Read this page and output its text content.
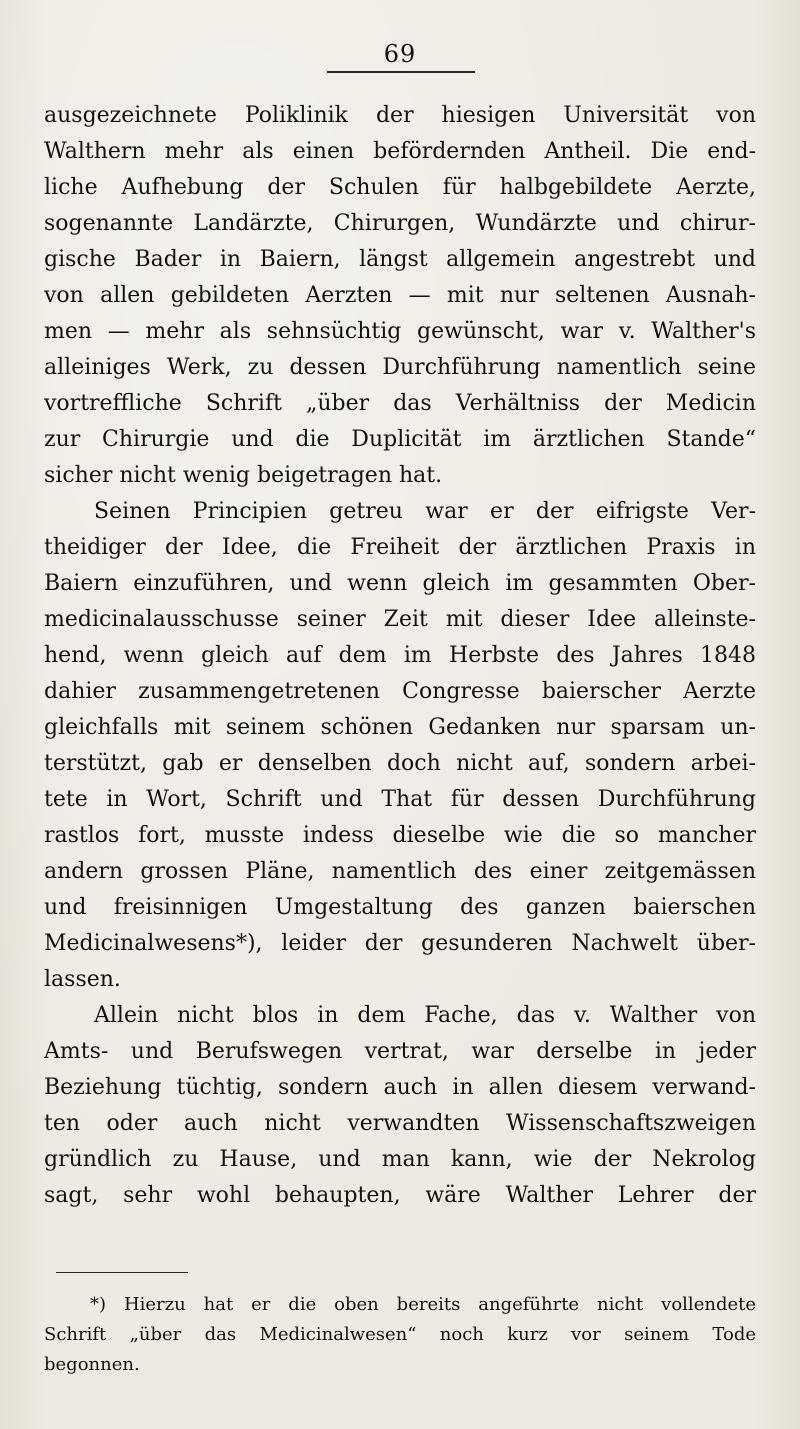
69
ausgezeichnete Poliklinik der hiesigen Universität von
Walthern mehr als einen befördernden Antheil. Die end-
liche Aufhebung der Schulen für halbgebildete Aerzte,
sogenannte Landärzte, Chirurgen, Wundärzte und chirur-
gische Bader in Baiern, längst allgemein angestrebt und
von allen gebildeten Aerzten — mit nur seltenen Ausnah-
men — mehr als sehnsüchtig gewünscht, war v. Walther's
alleiniges Werk, zu dessen Durchführung namentlich seine
vortreffliche Schrift „über das Verhältniss der Medicin
zur Chirurgie und die Duplicität im ärztlichen Stande“
sicher nicht wenig beigetragen hat.
Seinen Principien getreu war er der eifrigste Ver-
theidiger der Idee, die Freiheit der ärztlichen Praxis in
Baiern einzuführen, und wenn gleich im gesammten Ober-
medicinalausschusse seiner Zeit mit dieser Idee alleinste-
hend, wenn gleich auf dem im Herbste des Jahres 1848
dahier zusammengetretenen Congresse baierscher Aerzte
gleichfalls mit seinem schönen Gedanken nur sparsam un-
terstützt, gab er denselben doch nicht auf, sondern arbei-
tete in Wort, Schrift und That für dessen Durchführung
rastlos fort, musste indess dieselbe wie die so mancher
andern grossen Pläne, namentlich des einer zeitgemässen
und freisinnigen Umgestaltung des ganzen baierschen
Medicinalwesens*), leider der gesunderen Nachwelt über-
lassen.
Allein nicht blos in dem Fache, das v. Walther von
Amts- und Berufswegen vertrat, war derselbe in jeder
Beziehung tüchtig, sondern auch in allen diesem verwand-
ten oder auch nicht verwandten Wissenschaftszweigen
gründlich zu Hause, und man kann, wie der Nekrolog
sagt, sehr wohl behaupten, wäre Walther Lehrer der
*) Hierzu hat er die oben bereits angeführte nicht vollendete
Schrift „über das Medicinalwesen“ noch kurz vor seinem Tode
begonnen.
